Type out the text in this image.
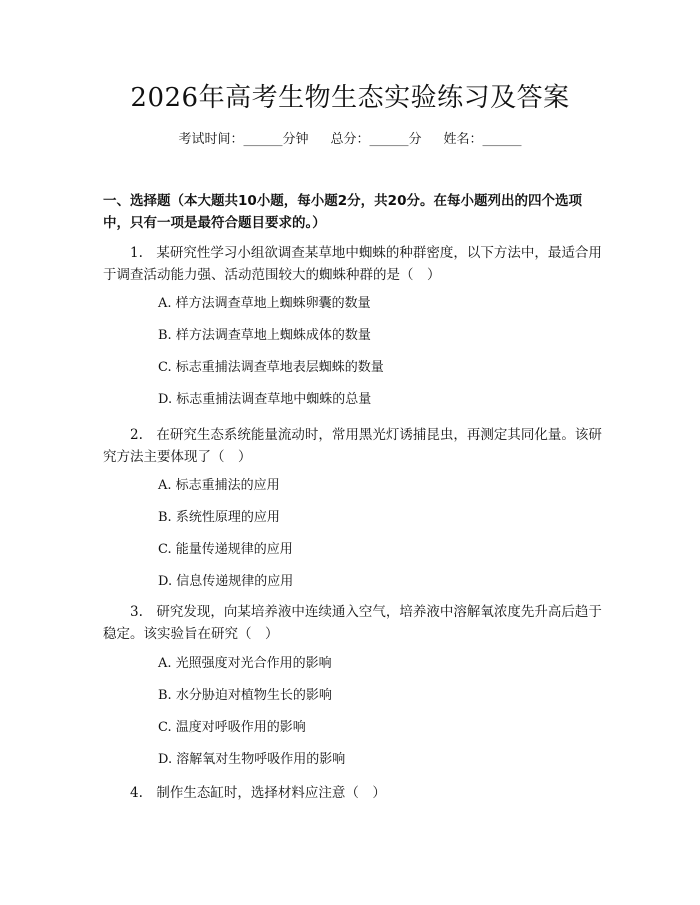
2026年高考生物生态实验练习及答案
考试时间：______分钟 总分：______分 姓名：______
一、选择题（本大题共10小题，每小题2分，共20分。在每小题列出的四个选项中，只有一项是最符合题目要求的。）
1.　某研究性学习小组欲调查某草地中蜘蛛的种群密度，以下方法中，最适合用于调查活动能力强、活动范围较大的蜘蛛种群的是（　）
A. 样方法调查草地上蜘蛛卵囊的数量
B. 样方法调查草地上蜘蛛成体的数量
C. 标志重捕法调查草地表层蜘蛛的数量
D. 标志重捕法调查草地中蜘蛛的总量
2.　在研究生态系统能量流动时，常用黑光灯诱捕昆虫，再测定其同化量。该研究方法主要体现了（　）
A. 标志重捕法的应用
B. 系统性原理的应用
C. 能量传递规律的应用
D. 信息传递规律的应用
3.　研究发现，向某培养液中连续通入空气，培养液中溶解氧浓度先升高后趋于稳定。该实验旨在研究（　）
A. 光照强度对光合作用的影响
B. 水分胁迫对植物生长的影响
C. 温度对呼吸作用的影响
D. 溶解氧对生物呼吸作用的影响
4.　制作生态缸时，选择材料应注意（　）
